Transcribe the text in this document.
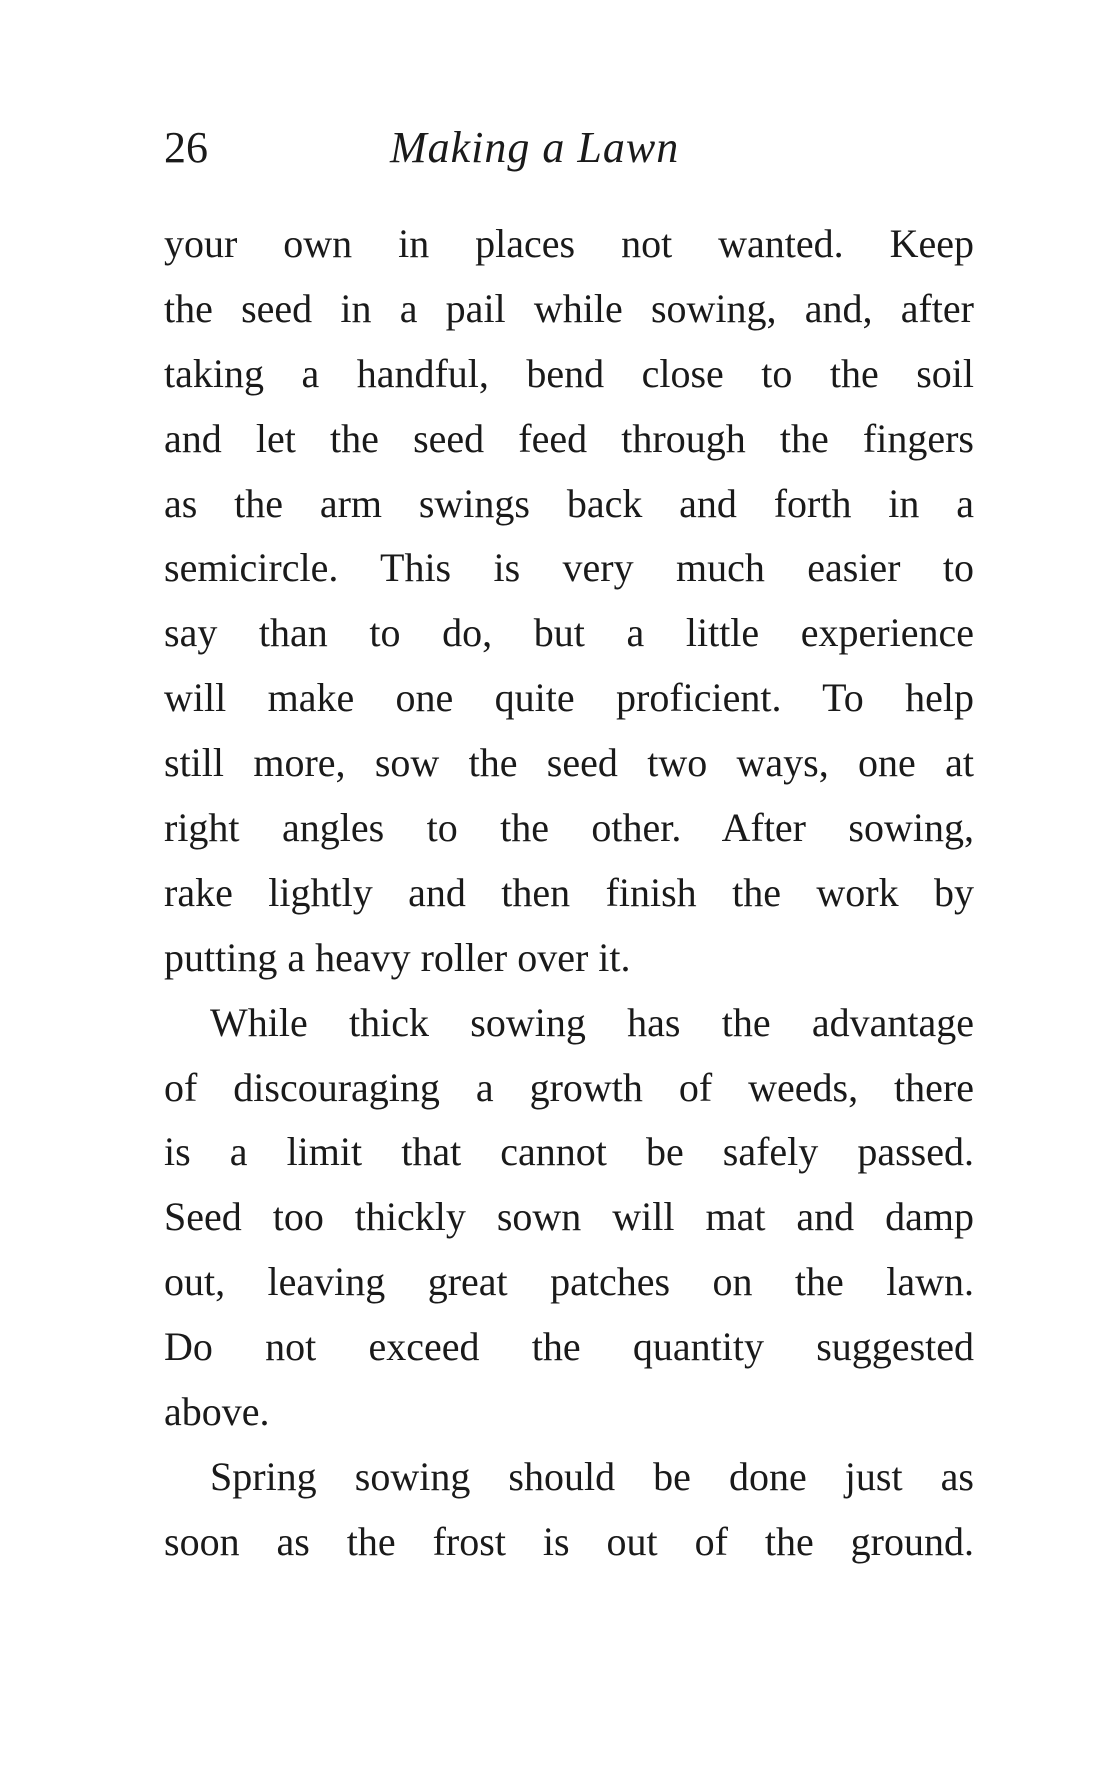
26	Making a Lawn
your own in places not wanted. Keep
the seed in a pail while sowing, and, after
taking a handful, bend close to the soil
and let the seed feed through the fingers
as the arm swings back and forth in a
semicircle. This is very much easier to
say than to do, but a little experience
will make one quite proficient. To help
still more, sow the seed two ways, one at
right angles to the other. After sowing,
rake lightly and then finish the work by
putting a heavy roller over it.
While thick sowing has the advantage
of discouraging a growth of weeds, there
is a limit that cannot be safely passed.
Seed too thickly sown will mat and damp
out, leaving great patches on the lawn.
Do not exceed the quantity suggested
above.
Spring sowing should be done just as
soon as the frost is out of the ground.
